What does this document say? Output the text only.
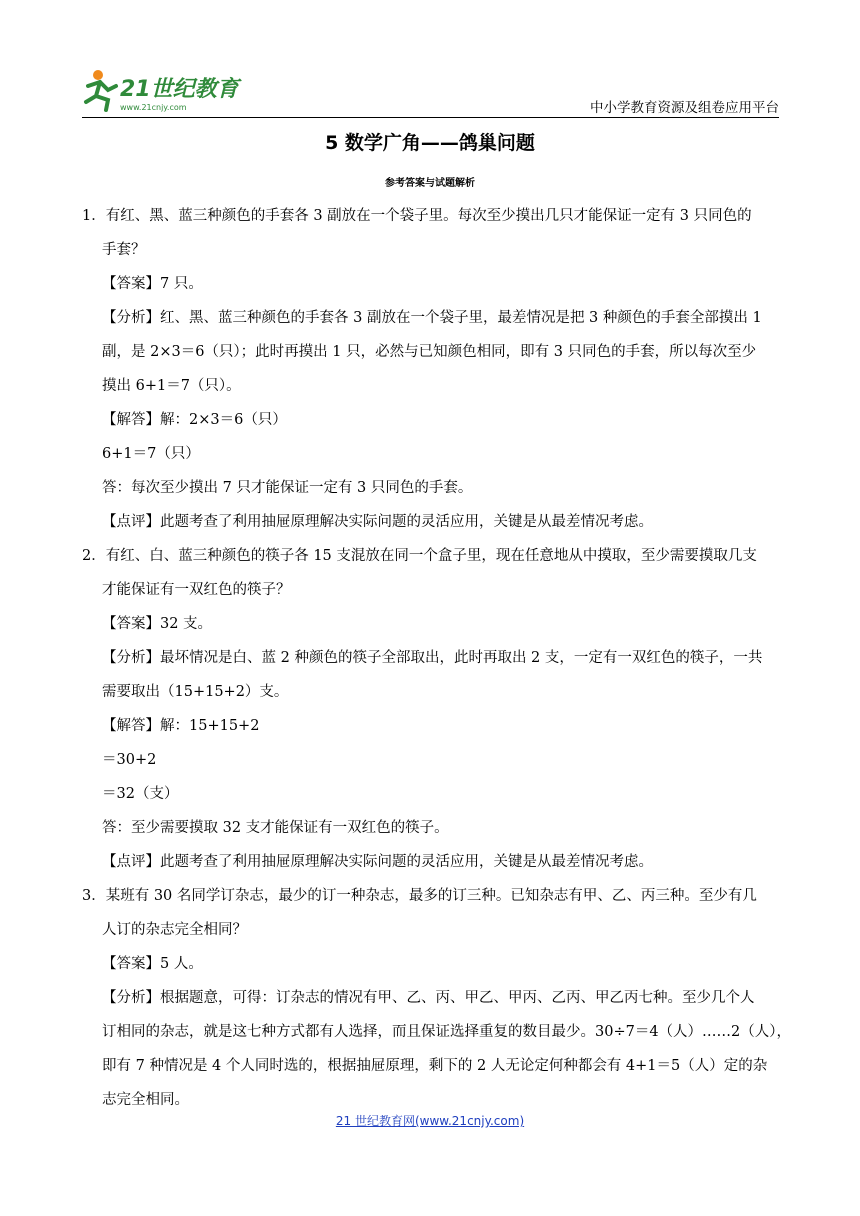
21世纪教育
www.21cnjy.com	中小学教育资源及组卷应用平台
5 数学广角——鸽巢问题
参考答案与试题解析
1．有红、黑、蓝三种颜色的手套各 3 副放在一个袋子里。每次至少摸出几只才能保证一定有 3 只同色的
手套？
【答案】7 只。
【分析】红、黑、蓝三种颜色的手套各 3 副放在一个袋子里，最差情况是把 3 种颜色的手套全部摸出 1
副，是 2×3＝6（只）；此时再摸出 1 只，必然与已知颜色相同，即有 3 只同色的手套，所以每次至少
摸出 6+1＝7（只）。
【解答】解：2×3＝6（只）
6+1＝7（只）
答：每次至少摸出 7 只才能保证一定有 3 只同色的手套。
【点评】此题考查了利用抽屉原理解决实际问题的灵活应用，关键是从最差情况考虑。
2．有红、白、蓝三种颜色的筷子各 15 支混放在同一个盒子里，现在任意地从中摸取，至少需要摸取几支
才能保证有一双红色的筷子？
【答案】32 支。
【分析】最坏情况是白、蓝 2 种颜色的筷子全部取出，此时再取出 2 支，一定有一双红色的筷子，一共
需要取出（15+15+2）支。
【解答】解：15+15+2
＝30+2
＝32（支）
答：至少需要摸取 32 支才能保证有一双红色的筷子。
【点评】此题考查了利用抽屉原理解决实际问题的灵活应用，关键是从最差情况考虑。
3．某班有 30 名同学订杂志，最少的订一种杂志，最多的订三种。已知杂志有甲、乙、丙三种。至少有几
人订的杂志完全相同？
【答案】5 人。
【分析】根据题意，可得：订杂志的情况有甲、乙、丙、甲乙、甲丙、乙丙、甲乙丙七种。至少几个人
订相同的杂志，就是这七种方式都有人选择，而且保证选择重复的数目最少。30÷7＝4（人）……2（人），
即有 7 种情况是 4 个人同时选的，根据抽屉原理，剩下的 2 人无论定何种都会有 4+1＝5（人）定的杂
志完全相同。
21 世纪教育网(www.21cnjy.com)
